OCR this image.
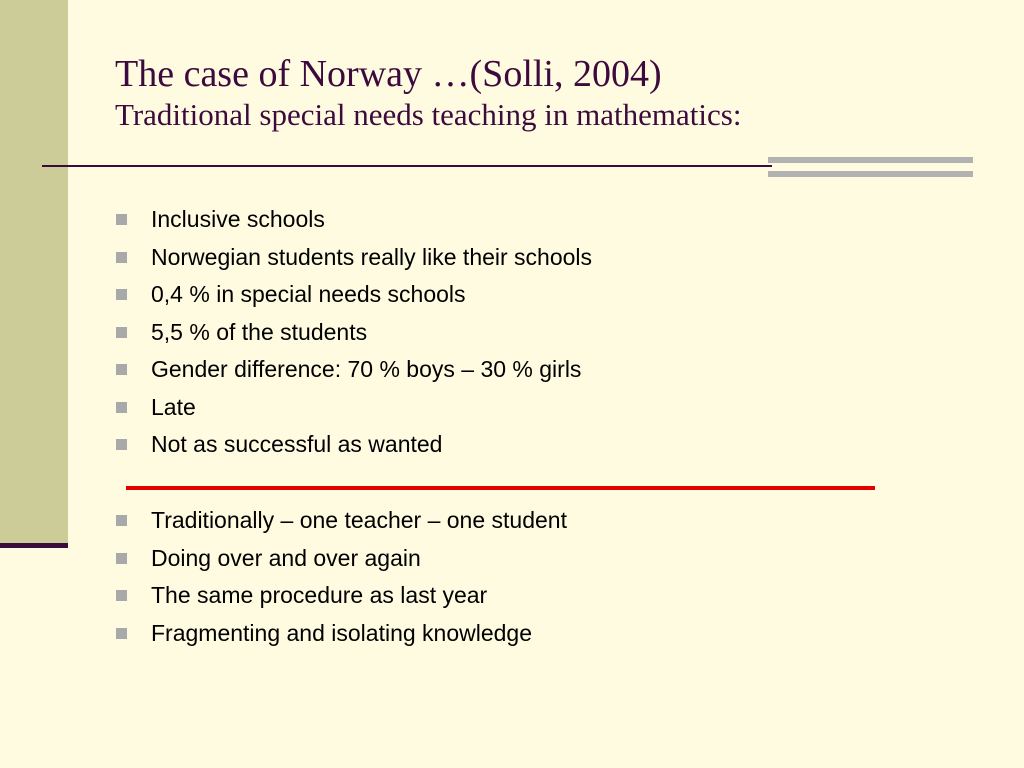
The case of Norway …(Solli, 2004)
Traditional special needs teaching in mathematics:
Inclusive schools
Norwegian students really like their schools
0,4 % in special needs schools
5,5 % of the students
Gender difference: 70 % boys – 30 % girls
Late
Not as successful as wanted
Traditionally – one teacher – one student
Doing over and over again
The same procedure as last year
Fragmenting and isolating knowledge
